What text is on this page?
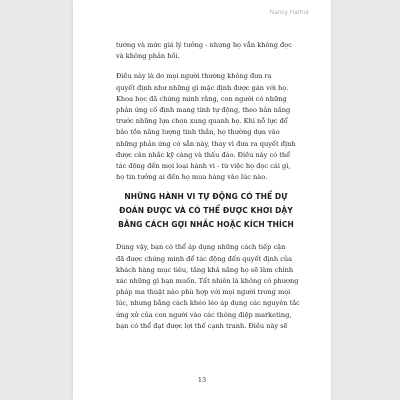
Nancy Harhut
tướng và mức giá lý tưởng - nhưng họ vẫn không đọc
và không phản hồi.
Điều này là do mọi người thường không đưa ra
quyết định như những gì mặc định được gán với họ.
Khoa học đã chứng minh rằng, con người có những
phản ứng cố định mang tính tự động, theo bản năng
trước những lựa chọn xung quanh họ. Khi nỗ lực để
bảo tồn năng lượng tinh thần, họ thường dựa vào
những phản ứng có sẵn này, thay vì đưa ra quyết định
được cân nhắc kỹ càng và thấu đáo. Điều này có thể
tác động đến mọi loại hành vi - từ việc họ đọc cái gì,
họ tin tưởng ai đến họ mua hàng vào lúc nào.
NHỮNG HÀNH VI TỰ ĐỘNG CÓ THỂ DỰ
ĐOÁN ĐƯỢC VÀ CÓ THỂ ĐƯỢC KHƠI DẬY
BẰNG CÁCH GỢI NHẮC HOẶC KÍCH THÍCH
Dùng vậy, bạn có thể áp dụng những cách tiếp cận
đã được chứng minh để tác động đến quyết định của
khách hàng mục tiêu, tăng khả năng họ sẽ làm chính
xác những gì bạn muốn. Tất nhiên là không có phương
pháp ma thuật nào phù hợp với mọi người trong mọi
lúc, nhưng bằng cách khéo léo áp dụng các nguyên tắc
ứng xử của con người vào các thông điệp marketing,
bạn có thể đạt được lợi thế cạnh tranh. Điều này sẽ
13
